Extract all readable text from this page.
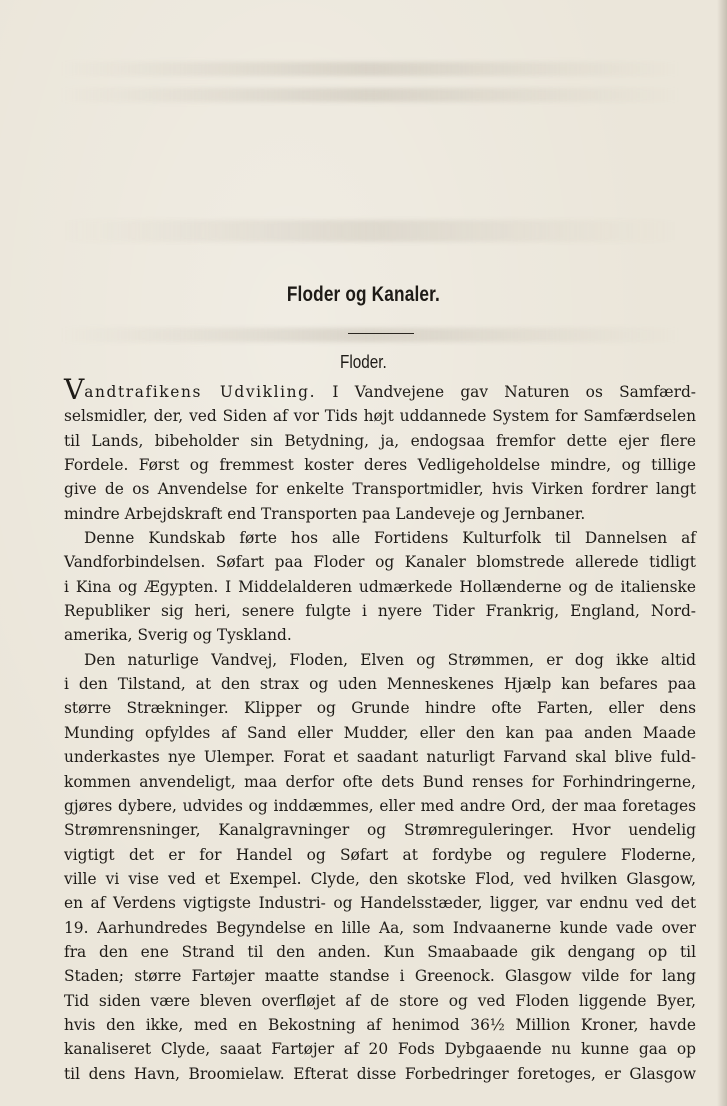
Floder og Kanaler.
Floder.
Vandtrafikens Udvikling. I Vandvejene gav Naturen os Samfærd-
selsmidler, der, ved Siden af vor Tids højt uddannede System for Samfærdselen
til Lands, bibeholder sin Betydning, ja, endogsaa fremfor dette ejer flere
Fordele. Først og fremmest koster deres Vedligeholdelse mindre, og tillige
give de os Anvendelse for enkelte Transportmidler, hvis Virken fordrer langt
mindre Arbejdskraft end Transporten paa Landeveje og Jernbaner.
Denne Kundskab førte hos alle Fortidens Kulturfolk til Dannelsen af
Vandforbindelsen. Søfart paa Floder og Kanaler blomstrede allerede tidligt
i Kina og Ægypten. I Middelalderen udmærkede Hollænderne og de italienske
Republiker sig heri, senere fulgte i nyere Tider Frankrig, England, Nord-
amerika, Sverig og Tyskland.
Den naturlige Vandvej, Floden, Elven og Strømmen, er dog ikke altid
i den Tilstand, at den strax og uden Menneskenes Hjælp kan befares paa
større Strækninger. Klipper og Grunde hindre ofte Farten, eller dens
Munding opfyldes af Sand eller Mudder, eller den kan paa anden Maade
underkastes nye Ulemper. Forat et saadant naturligt Farvand skal blive fuld-
kommen anvendeligt, maa derfor ofte dets Bund renses for Forhindringerne,
gjøres dybere, udvides og inddæmmes, eller med andre Ord, der maa foretages
Strømrensninger, Kanalgravninger og Strømreguleringer. Hvor uendelig
vigtigt det er for Handel og Søfart at fordybe og regulere Floderne,
ville vi vise ved et Exempel. Clyde, den skotske Flod, ved hvilken Glasgow,
en af Verdens vigtigste Industri- og Handelsstæder, ligger, var endnu ved det
19. Aarhundredes Begyndelse en lille Aa, som Indvaanerne kunde vade over
fra den ene Strand til den anden. Kun Smaabaade gik dengang op til
Staden; større Fartøjer maatte standse i Greenock. Glasgow vilde for lang
Tid siden være bleven overfløjet af de store og ved Floden liggende Byer,
hvis den ikke, med en Bekostning af henimod 36½ Million Kroner, havde
kanaliseret Clyde, saaat Fartøjer af 20 Fods Dybgaaende nu kunne gaa op
til dens Havn, Broomielaw. Efterat disse Forbedringer foretoges, er Glasgow
